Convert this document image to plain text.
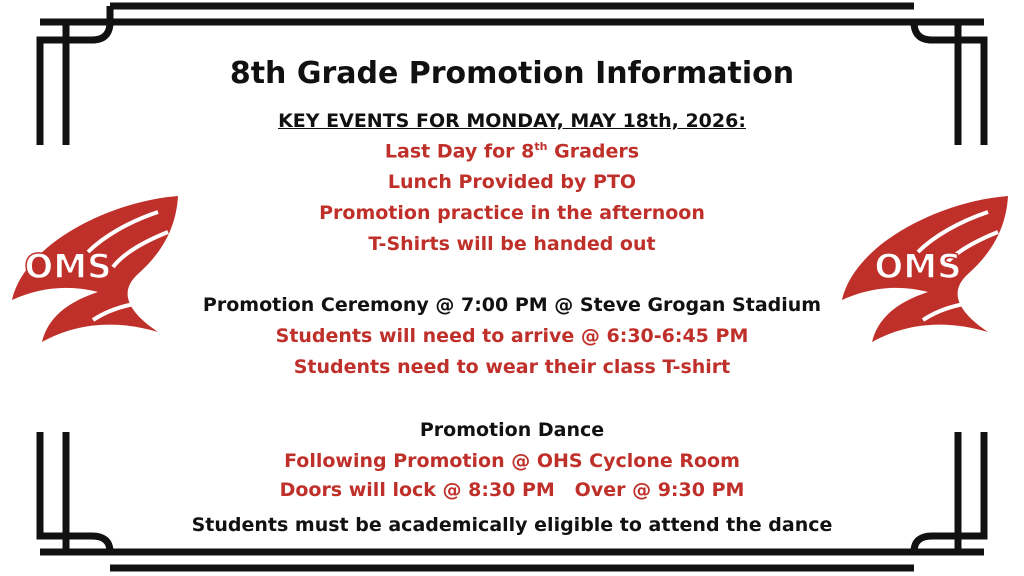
OMS	OMS
8th Grade Promotion Information
KEY EVENTS FOR MONDAY, MAY 18th, 2026:
Last Day for 8th Graders
Lunch Provided by PTO
Promotion practice in the afternoon
T-Shirts will be handed out
Promotion Ceremony @ 7:00 PM @ Steve Grogan Stadium
Students will need to arrive @ 6:30-6:45 PM
Students need to wear their class T-shirt
Promotion Dance
Following Promotion @ OHS Cyclone Room
Doors will lock @ 8:30 PM   Over @ 9:30 PM
Students must be academically eligible to attend the dance
